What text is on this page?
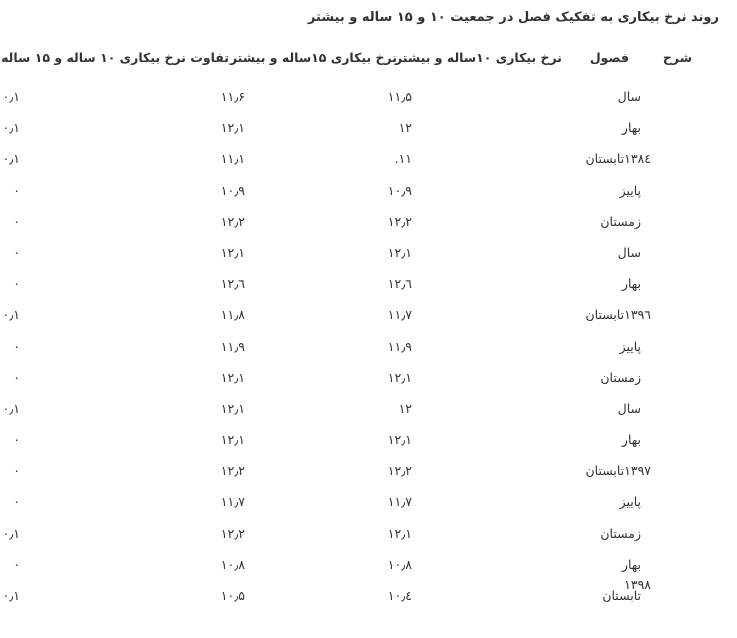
روند نرخ بیکاری به تفکیک فصل در جمعیت ۱۰ و ۱۵ ساله و بیشتر
شرح
فصول
نرخ بیکاری ۱۰ساله و بیشتر
نرخ بیکاری ۱۵ساله و بیشتر
تفاوت نرخ بیکاری ۱۰ ساله و ۱۵ ساله
سال
۱۱٫۵
۱۱٫۶
۰٫۱
بهار
۱۲
۱۲٫۱
۰٫۱
۱۳۸٤تابستان
۱۱.
۱۱٫۱
۰٫۱
پاییز
۱۰٫۹
۱۰٫۹
۰
زمستان
۱۲٫۲
۱۲٫۲
۰
سال
۱۲٫۱
۱۲٫۱
۰
بهار
۱۲٫٦
۱۲٫٦
۰
۱۳۹٦تابستان
۱۱٫۷
۱۱٫۸
۰٫۱
پاییز
۱۱٫۹
۱۱٫۹
۰
زمستان
۱۲٫۱
۱۲٫۱
۰
سال
۱۲
۱۲٫۱
۰٫۱
بهار
۱۲٫۱
۱۲٫۱
۰
۱۳۹۷تابستان
۱۲٫۲
۱۲٫۲
۰
پاییز
۱۱٫۷
۱۱٫۷
۰
زمستان
۱۲٫۱
۱۲٫۲
۰٫۱
بهار
۱۰٫۸
۱۰٫۸
۰
تابستان
۱۰٫٤
۱۰٫۵
۰٫۱
۱۳۹۸
